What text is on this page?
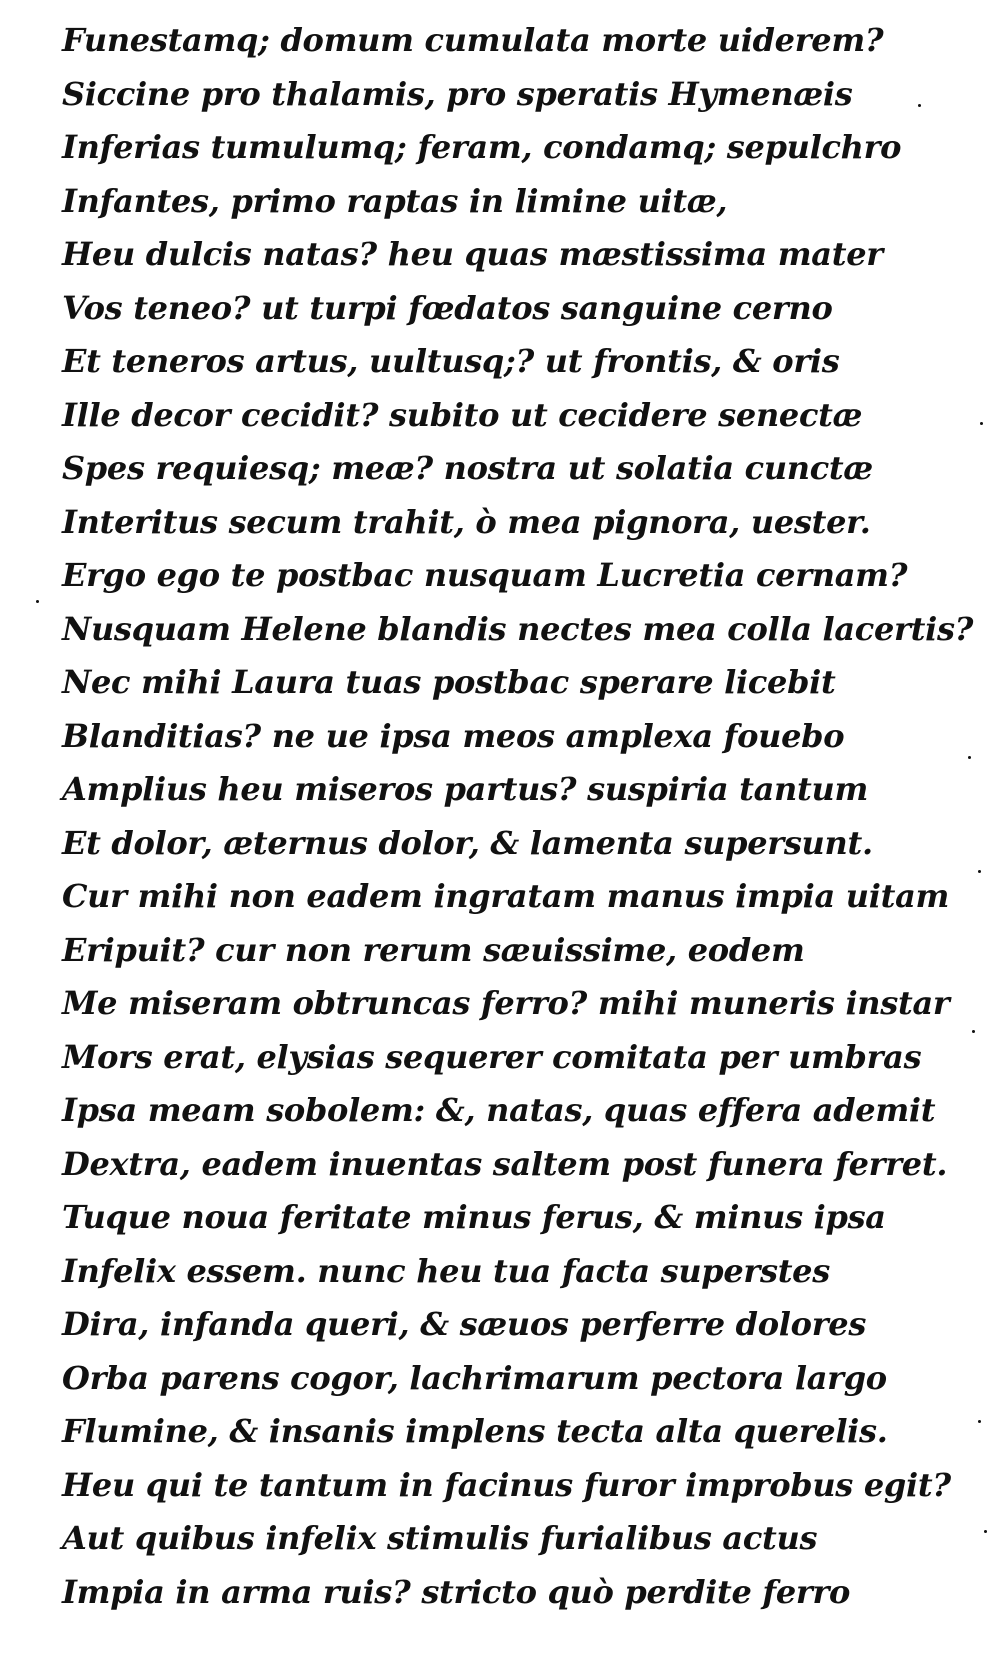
Funestamq; domum cumulata morte uiderem?
Siccine pro thalamis, pro speratis Hymenæis
Inferias tumulumq; feram, condamq; sepulchro
Infantes, primo raptas in limine uitæ,
Heu dulcis natas? heu quas mæstissima mater
Vos teneo? ut turpi fœdatos sanguine cerno
Et teneros artus, uultusq;? ut frontis, & oris
Ille decor cecidit? subito ut cecidere senectæ
Spes requiesq; meæ? nostra ut solatia cunctæ
Interitus secum trahit, ò mea pignora, uester.
Ergo ego te postbac nusquam Lucretia cernam?
Nusquam Helene blandis nectes mea colla lacertis?
Nec mihi Laura tuas postbac sperare licebit
Blanditias? ne ue ipsa meos amplexa fouebo
Amplius heu miseros partus? suspiria tantum
Et dolor, æternus dolor, & lamenta supersunt.
Cur mihi non eadem ingratam manus impia uitam
Eripuit? cur non rerum sæuissime, eodem
Me miseram obtruncas ferro? mihi muneris instar
Mors erat, elysias sequerer comitata per umbras
Ipsa meam sobolem: &, natas, quas effera ademit
Dextra, eadem inuentas saltem post funera ferret.
Tuque noua feritate minus ferus, & minus ipsa
Infelix essem. nunc heu tua facta superstes
Dira, infanda queri, & sæuos perferre dolores
Orba parens cogor, lachrimarum pectora largo
Flumine, & insanis implens tecta alta querelis.
Heu qui te tantum in facinus furor improbus egit?
Aut quibus infelix stimulis furialibus actus
Impia in arma ruis? stricto quò perdite ferro
